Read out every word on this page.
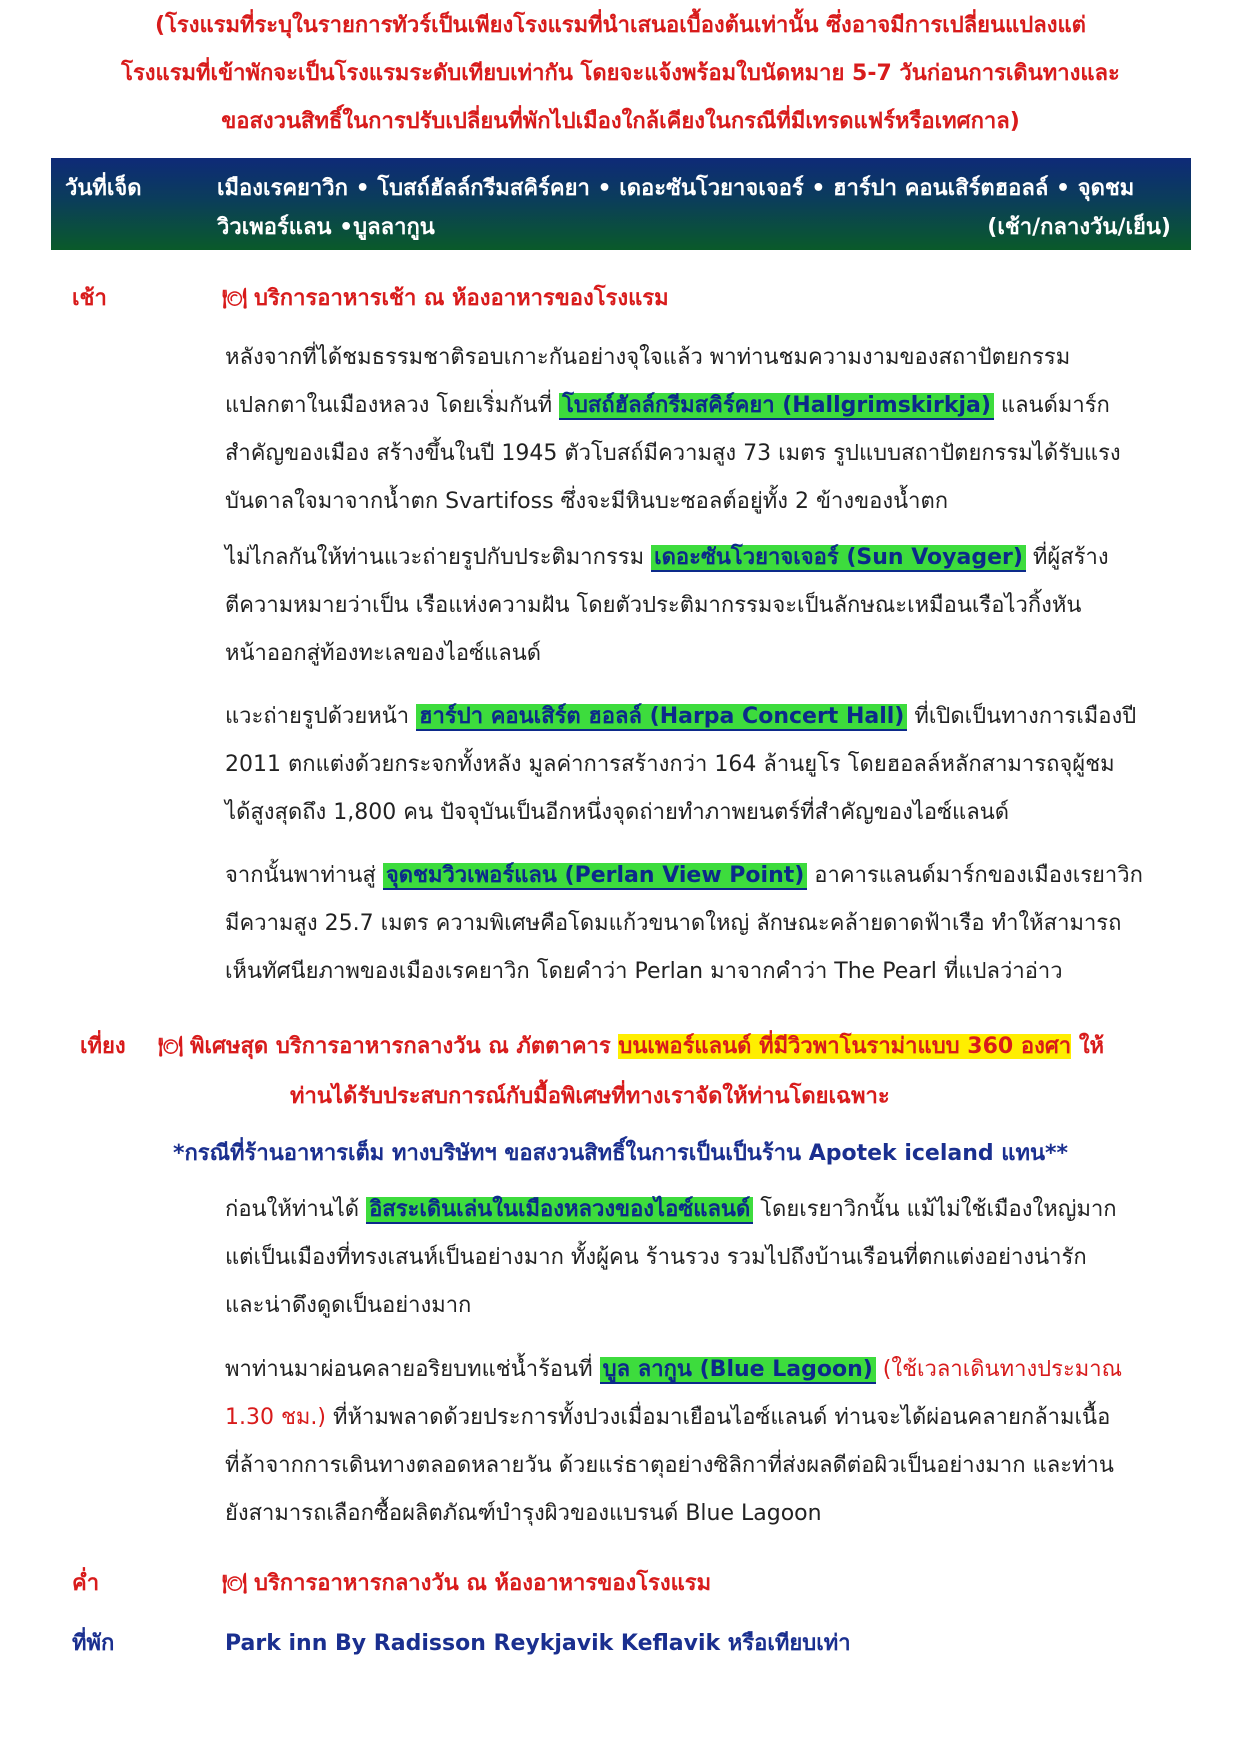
(โรงแรมที่ระบุในรายการทัวร์เป็นเพียงโรงแรมที่นำเสนอเบื้องต้นเท่านั้น ซึ่งอาจมีการเปลี่ยนแปลงแต่
โรงแรมที่เข้าพักจะเป็นโรงแรมระดับเทียบเท่ากัน โดยจะแจ้งพร้อมใบนัดหมาย 5-7 วันก่อนการเดินทางและ
ขอสงวนสิทธิ์ในการปรับเปลี่ยนที่พักไปเมืองใกล้เคียงในกรณีที่มีเทรดแฟร์หรือเทศกาล)
วันที่เจ็ด	เมืองเรคยาวิก • โบสถ์ฮัลล์กรีมสคิร์คยา • เดอะซันโวยาจเจอร์ • ฮาร์ปา คอนเสิร์ตฮอลล์ • จุดชม
วิวเพอร์แลน •บูลลากูน	(เช้า/กลางวัน/เย็น)
เช้า	🍽 บริการอาหารเช้า ณ ห้องอาหารของโรงแรม
หลังจากที่ได้ชมธรรมชาติรอบเกาะกันอย่างจุใจแล้ว พาท่านชมความงามของสถาปัตยกรรม
แปลกตาในเมืองหลวง โดยเริ่มกันที่ โบสถ์ฮัลล์กรีมสคิร์คยา (Hallgrimskirkja) แลนด์มาร์ก
สำคัญของเมือง สร้างขึ้นในปี 1945 ตัวโบสถ์มีความสูง 73 เมตร รูปแบบสถาปัตยกรรมได้รับแรง
บันดาลใจมาจากน้ำตก Svartifoss ซึ่งจะมีหินบะซอลต์อยู่ทั้ง 2 ข้างของน้ำตก
ไม่ไกลกันให้ท่านแวะถ่ายรูปกับประติมากรรม เดอะซันโวยาจเจอร์ (Sun Voyager) ที่ผู้สร้าง
ตีความหมายว่าเป็น เรือแห่งความฝัน โดยตัวประติมากรรมจะเป็นลักษณะเหมือนเรือไวกิ้งหัน
หน้าออกสู่ท้องทะเลของไอซ์แลนด์
แวะถ่ายรูปด้วยหน้า ฮาร์ปา คอนเสิร์ต ฮอลล์ (Harpa Concert Hall) ที่เปิดเป็นทางการเมืองปี
2011 ตกแต่งด้วยกระจกทั้งหลัง มูลค่าการสร้างกว่า 164 ล้านยูโร โดยฮอลล์หลักสามารถจุผู้ชม
ได้สูงสุดถึง 1,800 คน ปัจจุบันเป็นอีกหนึ่งจุดถ่ายทำภาพยนตร์ที่สำคัญของไอซ์แลนด์
จากนั้นพาท่านสู่ จุดชมวิวเพอร์แลน (Perlan View Point) อาคารแลนด์มาร์กของเมืองเรยาวิก
มีความสูง 25.7 เมตร ความพิเศษคือโดมแก้วขนาดใหญ่ ลักษณะคล้ายดาดฟ้าเรือ ทำให้สามารถ
เห็นทัศนียภาพของเมืองเรคยาวิก โดยคำว่า Perlan มาจากคำว่า The Pearl ที่แปลว่าอ่าว
เที่ยง 🍽 พิเศษสุด บริการอาหารกลางวัน ณ ภัตตาคาร บนเพอร์แลนด์ ที่มีวิวพาโนราม่าแบบ 360 องศา ให้
ท่านได้รับประสบการณ์กับมื้อพิเศษที่ทางเราจัดให้ท่านโดยเฉพาะ
*กรณีที่ร้านอาหารเต็ม ทางบริษัทฯ ขอสงวนสิทธิ์ในการเป็นเป็นร้าน Apotek iceland แทน**
ก่อนให้ท่านได้ อิสระเดินเล่นในเมืองหลวงของไอซ์แลนด์ โดยเรยาวิกนั้น แม้ไม่ใช้เมืองใหญ่มาก
แต่เป็นเมืองที่ทรงเสนห์เป็นอย่างมาก ทั้งผู้คน ร้านรวง รวมไปถึงบ้านเรือนที่ตกแต่งอย่างน่ารัก
และน่าดึงดูดเป็นอย่างมาก
พาท่านมาผ่อนคลายอริยบทแช่น้ำร้อนที่ บูล ลากูน (Blue Lagoon) (ใช้เวลาเดินทางประมาณ
1.30 ชม.) ที่ห้ามพลาดด้วยประการทั้งปวงเมื่อมาเยือนไอซ์แลนด์ ท่านจะได้ผ่อนคลายกล้ามเนื้อ
ที่ล้าจากการเดินทางตลอดหลายวัน ด้วยแร่ธาตุอย่างซิลิกาที่ส่งผลดีต่อผิวเป็นอย่างมาก และท่าน
ยังสามารถเลือกซื้อผลิตภัณฑ์บำรุงผิวของแบรนด์ Blue Lagoon
ค่ำ	🍽 บริการอาหารกลางวัน ณ ห้องอาหารของโรงแรม
ที่พัก	Park inn By Radisson Reykjavik Keflavik หรือเทียบเท่า
